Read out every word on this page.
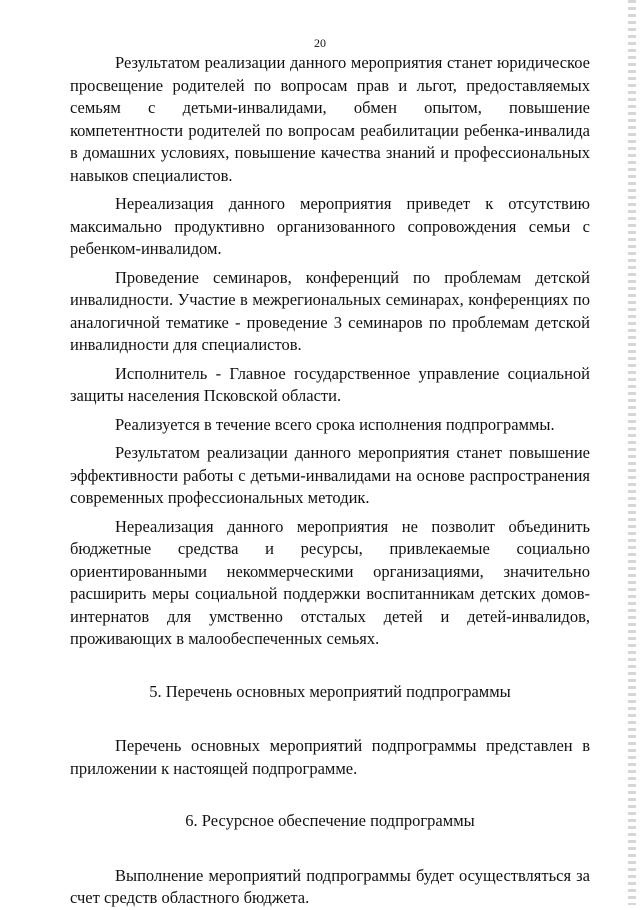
20

Результатом реализации данного мероприятия станет юридическое просвещение родителей по вопросам прав и льгот, предоставляемых семьям с детьми-инвалидами, обмен опытом, повышение компетентности родителей по вопросам реабилитации ребенка-инвалида в домашних условиях, повышение качества знаний и профессиональных навыков специалистов.

Нереализация данного мероприятия приведет к отсутствию максимально продуктивно организованного сопровождения семьи с ребенком-инвалидом.

Проведение семинаров, конференций по проблемам детской инвалидности. Участие в межрегиональных семинарах, конференциях по аналогичной тематике - проведение 3 семинаров по проблемам детской инвалидности для специалистов.

Исполнитель - Главное государственное управление социальной защиты населения Псковской области.

Реализуется в течение всего срока исполнения подпрограммы.

Результатом реализации данного мероприятия станет повышение эффективности работы с детьми-инвалидами на основе распространения современных профессиональных методик.

Нереализация данного мероприятия не позволит объединить бюджетные средства и ресурсы, привлекаемые социально ориентированными некоммерческими организациями, значительно расширить меры социальной поддержки воспитанникам детских домов-интернатов для умственно отсталых детей и детей-инвалидов, проживающих в малообеспеченных семьях.

5. Перечень основных мероприятий подпрограммы

Перечень основных мероприятий подпрограммы представлен в приложении к настоящей подпрограмме.

6. Ресурсное обеспечение подпрограммы

Выполнение мероприятий подпрограммы будет осуществляться за счет средств областного бюджета.
